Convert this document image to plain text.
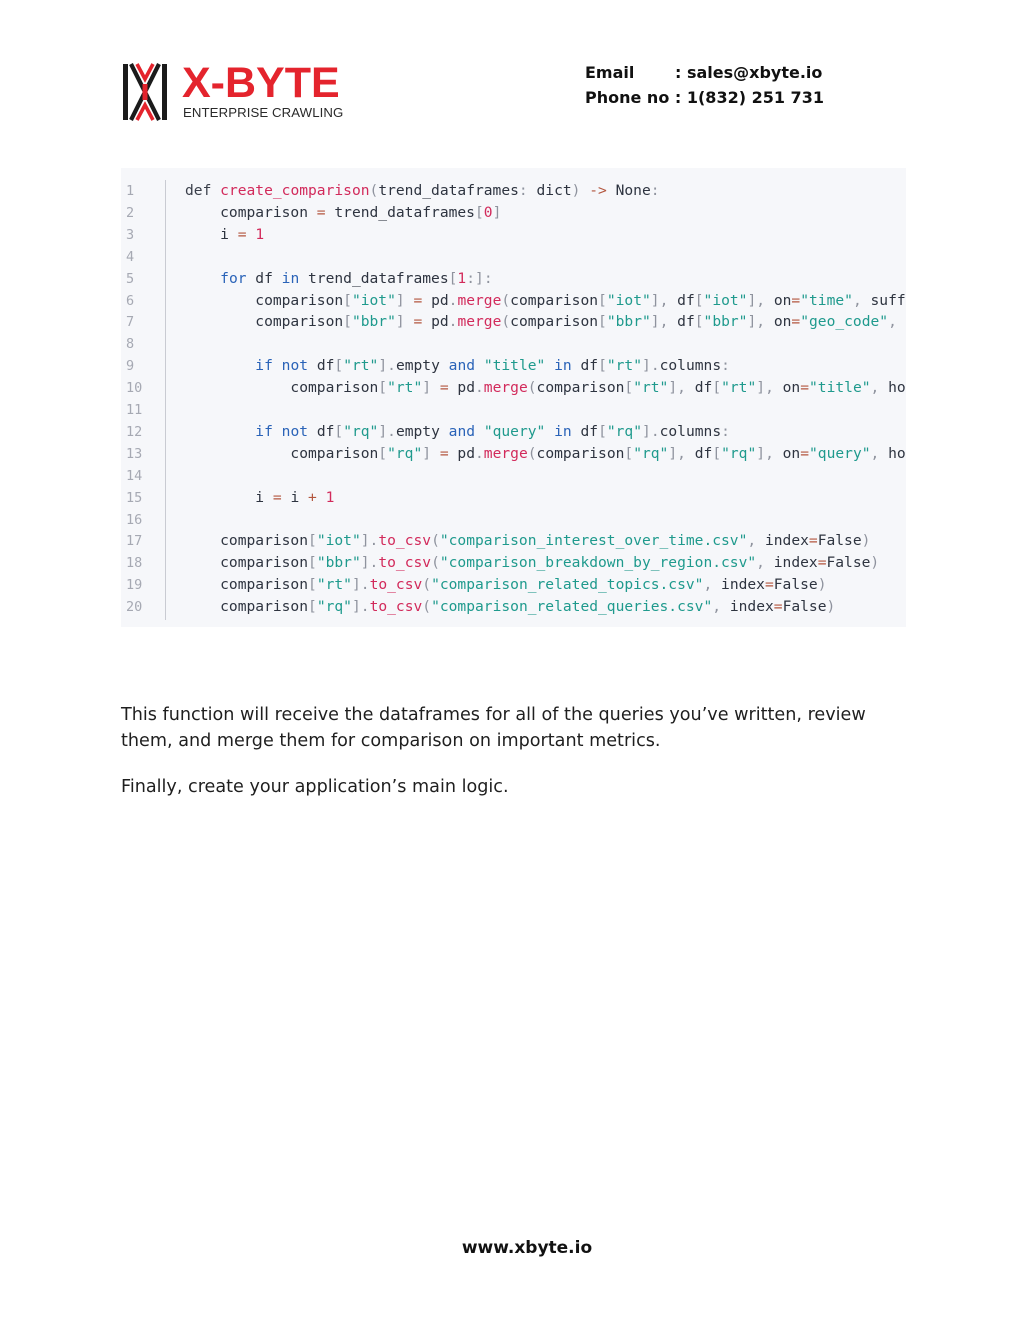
X-BYTE
ENTERPRISE CRAWLING
Email	: sales@xbyte.io
Phone no : 1(832) 251 731
1	def create_comparison(trend_dataframes: dict) -> None:
2	comparison = trend_dataframes[0]
3	i = 1
4
5	for df in trend_dataframes[1:]:
6	comparison["iot"] = pd.merge(comparison["iot"], df["iot"], on="time", suff
7	comparison["bbr"] = pd.merge(comparison["bbr"], df["bbr"], on="geo_code",
8
9	if not df["rt"].empty and "title" in df["rt"].columns:
10	comparison["rt"] = pd.merge(comparison["rt"], df["rt"], on="title", ho
11
12	if not df["rq"].empty and "query" in df["rq"].columns:
13	comparison["rq"] = pd.merge(comparison["rq"], df["rq"], on="query", ho
14
15	i = i + 1
16
17	comparison["iot"].to_csv("comparison_interest_over_time.csv", index=False)
18	comparison["bbr"].to_csv("comparison_breakdown_by_region.csv", index=False)
19	comparison["rt"].to_csv("comparison_related_topics.csv", index=False)
20	comparison["rq"].to_csv("comparison_related_queries.csv", index=False)
This function will receive the dataframes for all of the queries you’ve written, review them, and merge them for comparison on important metrics.
Finally, create your application’s main logic.
www.xbyte.io
